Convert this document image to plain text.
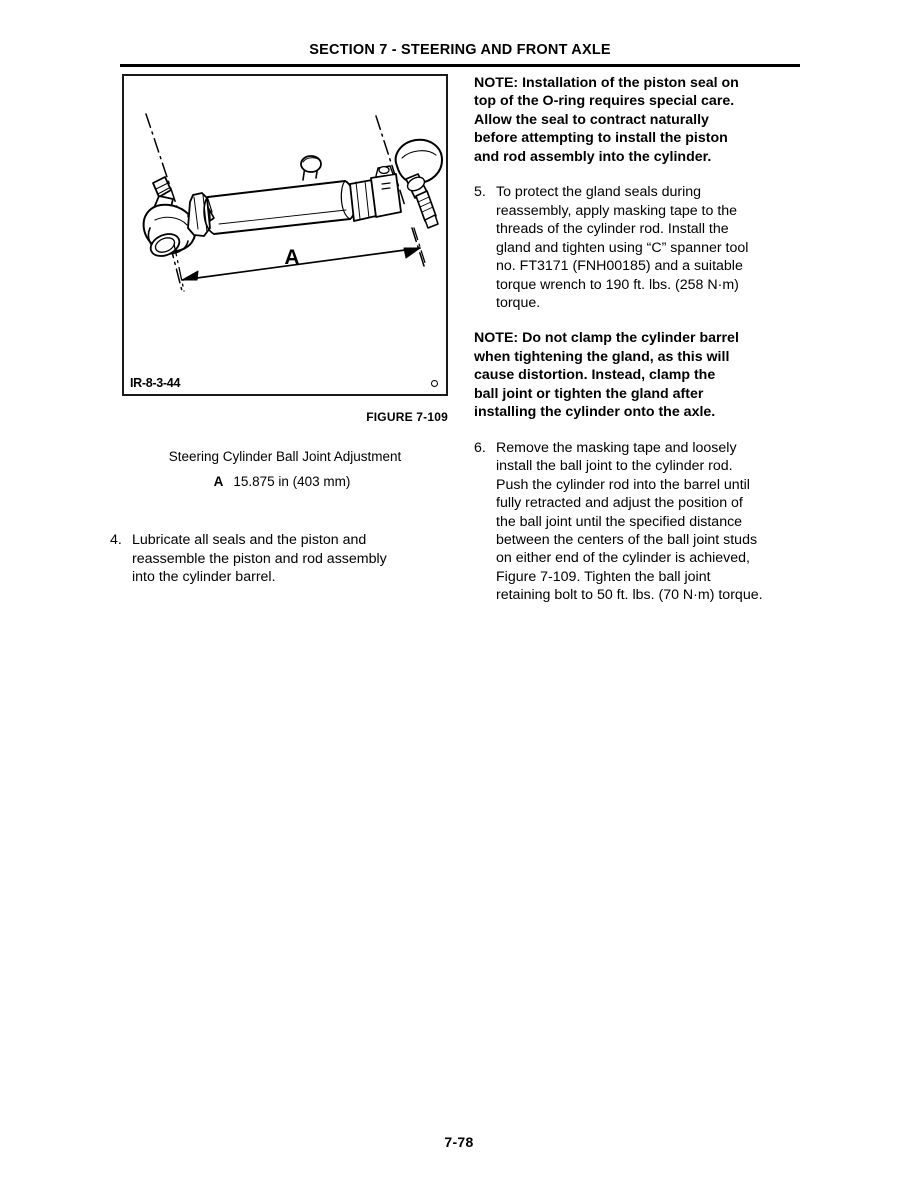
SECTION 7 - STEERING AND FRONT AXLE
A
IR-8-3-44
FIGURE 7-109
Steering Cylinder Ball Joint Adjustment
A 15.875 in (403 mm)
4. Lubricate all seals and the piston and
reassemble the piston and rod assembly
into the cylinder barrel.
NOTE: Installation of the piston seal on
top of the O-ring requires special care.
Allow the seal to contract naturally
before attempting to install the piston
and rod assembly into the cylinder.
5. To protect the gland seals during
reassembly, apply masking tape to the
threads of the cylinder rod. Install the
gland and tighten using “C” spanner tool
no. FT3171 (FNH00185) and a suitable
torque wrench to 190 ft. lbs. (258 N·m)
torque.
NOTE: Do not clamp the cylinder barrel
when tightening the gland, as this will
cause distortion. Instead, clamp the
ball joint or tighten the gland after
installing the cylinder onto the axle.
6. Remove the masking tape and loosely
install the ball joint to the cylinder rod.
Push the cylinder rod into the barrel until
fully retracted and adjust the position of
the ball joint until the specified distance
between the centers of the ball joint studs
on either end of the cylinder is achieved,
Figure 7-109. Tighten the ball joint
retaining bolt to 50 ft. lbs. (70 N·m) torque.
7-78
